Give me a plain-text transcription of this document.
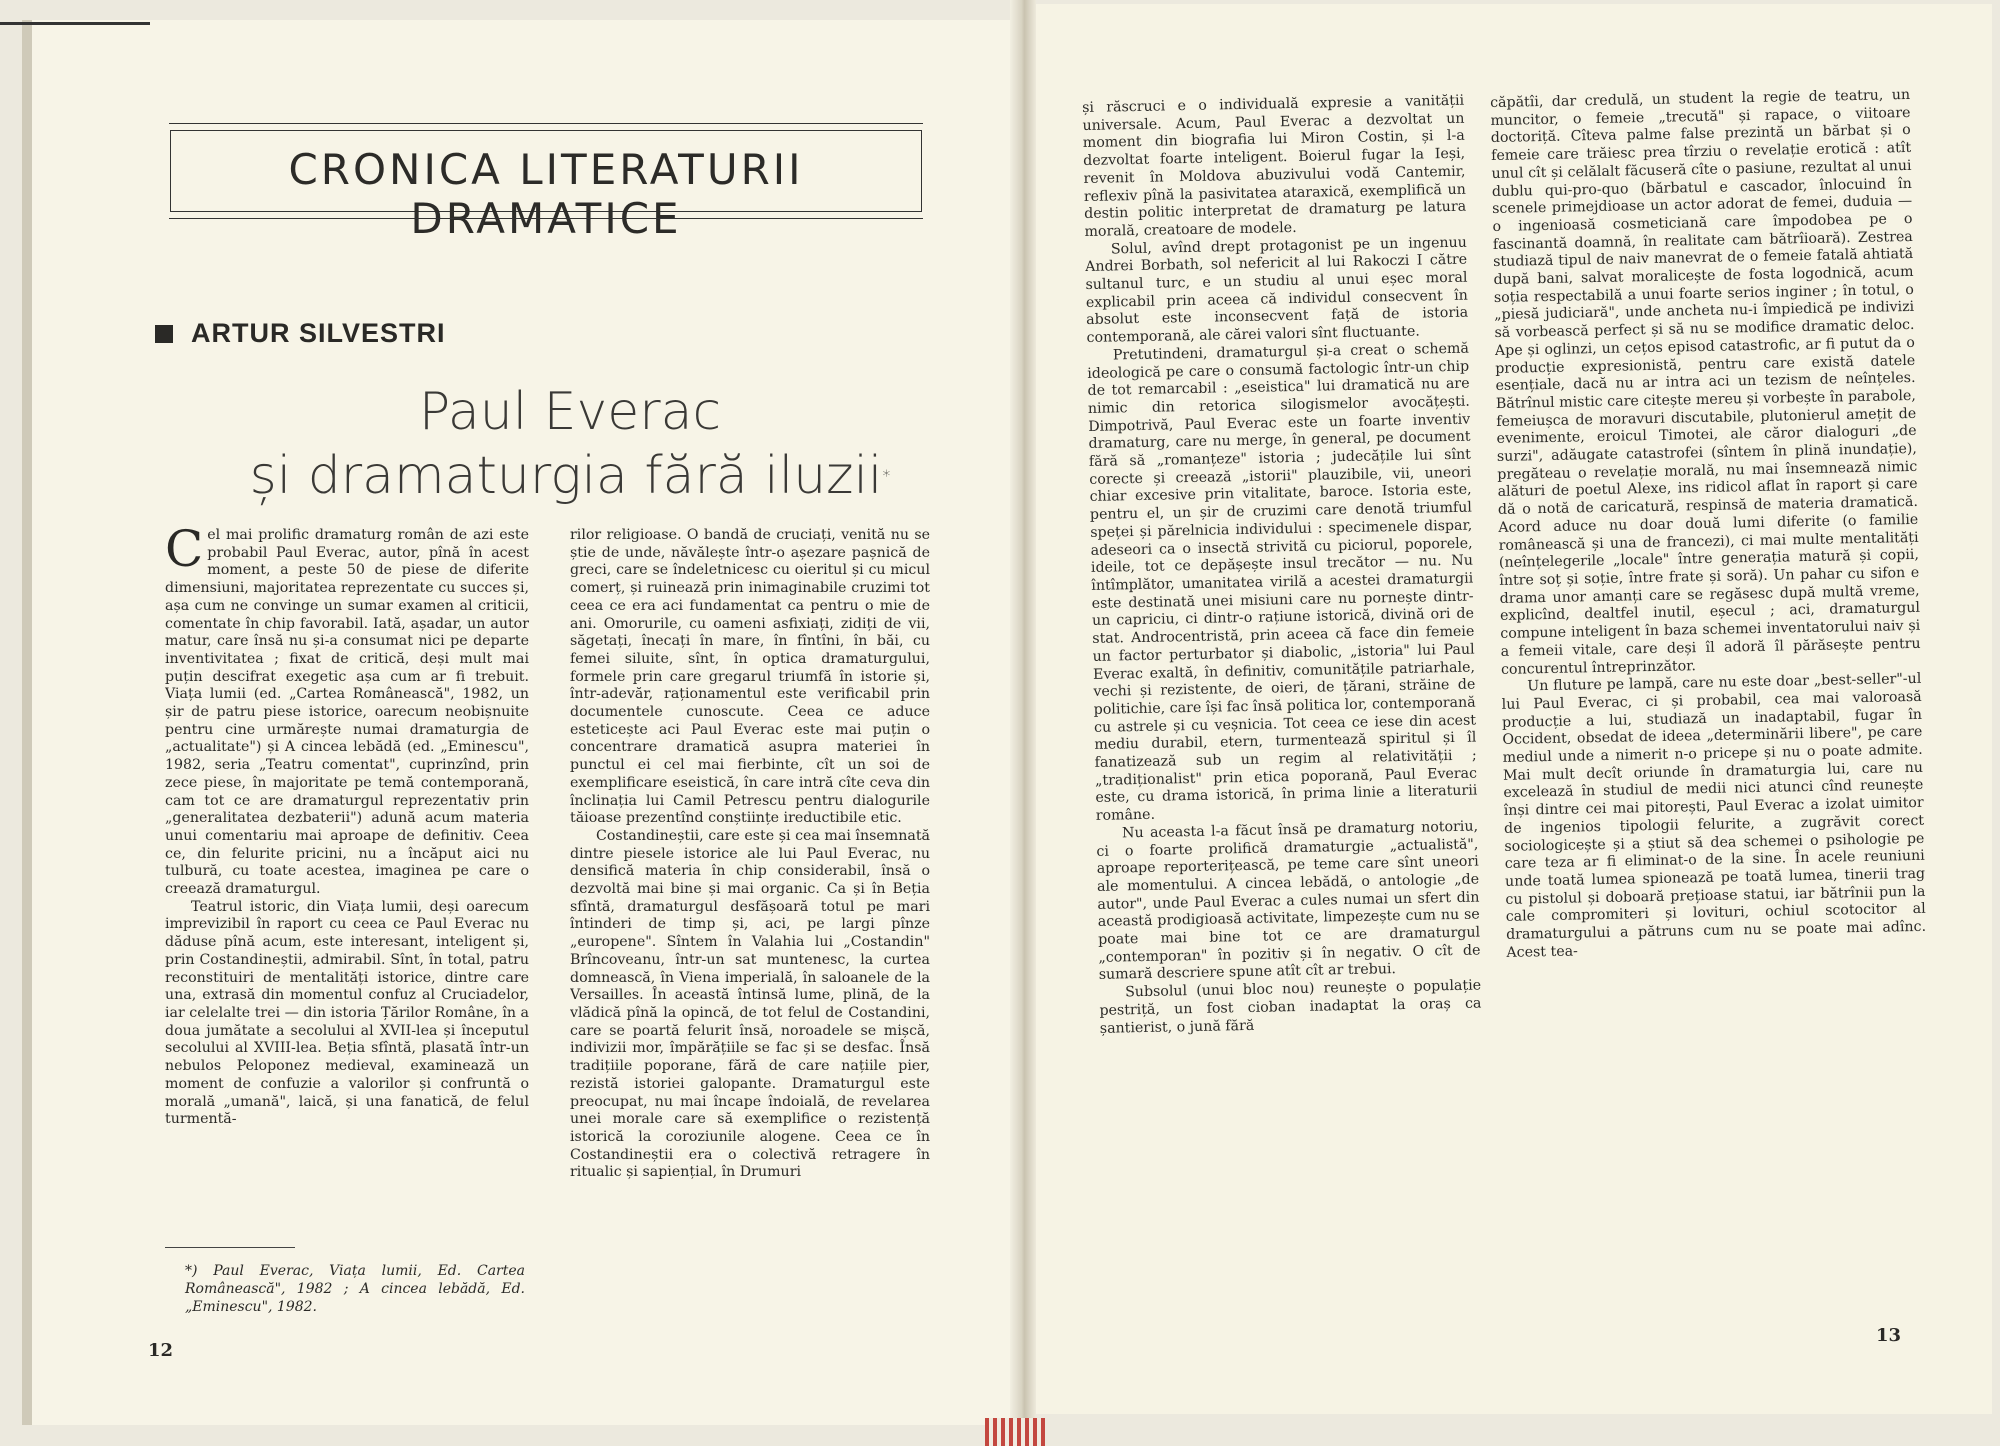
CRONICA LITERATURII DRAMATICE
ARTUR SILVESTRI
Paul Everac
și dramaturgia fără iluzii*

Cel mai prolific dramaturg român de azi este probabil Paul Everac, autor, pînă în acest moment, a peste 50 de piese de diferite dimensiuni, majoritatea reprezentate cu succes și, așa cum ne convinge un sumar examen al criticii, comentate în chip favorabil. Iată, așadar, un autor matur, care însă nu și-a consumat nici pe departe inventivitatea ; fixat de critică, deși mult mai puțin descifrat exegetic așa cum ar fi trebuit. Viața lumii (ed. „Cartea Românească", 1982, un șir de patru piese istorice, oarecum neobișnuite pentru cine urmărește numai dramaturgia de „actualitate") și A cincea lebădă (ed. „Eminescu", 1982, seria „Teatru comentat", cuprinzînd, prin zece piese, în majoritate pe temă contemporană, cam tot ce are dramaturgul reprezentativ prin „generalitatea dezbaterii") adună acum materia unui comentariu mai aproape de definitiv. Ceea ce, din felurite pricini, nu a încăput aici nu tulbură, cu toate acestea, imaginea pe care o creează dramaturgul.

Teatrul istoric, din Viața lumii, deși oarecum imprevizibil în raport cu ceea ce Paul Everac nu dăduse pînă acum, este interesant, inteligent și, prin Costandineștii, admirabil. Sînt, în total, patru reconstituiri de mentalități istorice, dintre care una, extrasă din momentul confuz al Cruciadelor, iar celelalte trei — din istoria Țărilor Române, în a doua jumătate a secolului al XVII-lea și începutul secolului al XVIII-lea. Beția sfîntă, plasată într-un nebulos Peloponez medieval, examinează un moment de confuzie a valorilor și confruntă o morală „umană", laică, și una fanatică, de felul turmentă-

rilor religioase. O bandă de cruciați, venită nu se știe de unde, năvălește într-o așezare pașnică de greci, care se îndeletnicesc cu oieritul și cu micul comerț, și ruinează prin inimaginabile cruzimi tot ceea ce era aci fundamentat ca pentru o mie de ani. Omorurile, cu oameni asfixiați, zidiți de vii, săgetați, înecați în mare, în fîntîni, în băi, cu femei siluite, sînt, în optica dramaturgului, formele prin care gregarul triumfă în istorie și, într-adevăr, raționamentul este verificabil prin documentele cunoscute. Ceea ce aduce esteticește aci Paul Everac este mai puțin o concentrare dramatică asupra materiei în punctul ei cel mai fierbinte, cît un soi de exemplificare eseistică, în care intră cîte ceva din înclinația lui Camil Petrescu pentru dialogurile tăioase prezentînd conștiințe ireductibile etic.

Costandineștii, care este și cea mai însemnată dintre piesele istorice ale lui Paul Everac, nu densifică materia în chip considerabil, însă o dezvoltă mai bine și mai organic. Ca și în Beția sfîntă, dramaturgul desfășoară totul pe mari întinderi de timp și, aci, pe largi pînze „europene". Sîntem în Valahia lui „Costandin" Brîncoveanu, într-un sat muntenesc, la curtea domnească, în Viena imperială, în saloanele de la Versailles. În această întinsă lume, plină, de la vlădică pînă la opincă, de tot felul de Costandini, care se poartă felurit însă, noroadele se mișcă, indivizii mor, împărățiile se fac și se desfac. Însă tradițiile poporane, fără de care națiile pier, rezistă istoriei galopante. Dramaturgul este preocupat, nu mai încape îndoială, de revelarea unei morale care să exemplifice o rezistență istorică la coroziunile alogene. Ceea ce în Costandineștii era o colectivă retragere în ritualic și sapiențial, în Drumuri

*) Paul Everac, Viața lumii, Ed. Cartea Românească", 1982 ; A cincea lebădă, Ed. „Eminescu", 1982.
12

și răscruci e o individuală expresie a vanității universale. Acum, Paul Everac a dezvoltat un moment din biografia lui Miron Costin, și l-a dezvoltat foarte inteligent. Boierul fugar la Ieși, revenit în Moldova abuzivului vodă Cantemir, reflexiv pînă la pasivitatea ataraxică, exemplifică un destin politic interpretat de dramaturg pe latura morală, creatoare de modele.

Solul, avînd drept protagonist pe un ingenuu Andrei Borbath, sol nefericit al lui Rakoczi I către sultanul turc, e un studiu al unui eșec moral explicabil prin aceea că individul consecvent în absolut este inconsecvent față de istoria contemporană, ale cărei valori sînt fluctuante.

Pretutindeni, dramaturgul și-a creat o schemă ideologică pe care o consumă factologic într-un chip de tot remarcabil : „eseistica" lui dramatică nu are nimic din retorica silogismelor avocățești. Dimpotrivă, Paul Everac este un foarte inventiv dramaturg, care nu merge, în general, pe document fără să „romanțeze" istoria ; judecățile lui sînt corecte și creează „istorii" plauzibile, vii, uneori chiar excesive prin vitalitate, baroce. Istoria este, pentru el, un șir de cruzimi care denotă triumful speței și părelnicia individului : specimenele dispar, adeseori ca o insectă strivită cu piciorul, poporele, ideile, tot ce depășește insul trecător — nu. Nu întîmplător, umanitatea virilă a acestei dramaturgii este destinată unei misiuni care nu pornește dintr-un capriciu, ci dintr-o rațiune istorică, divină ori de stat. Androcentristă, prin aceea că face din femeie un factor perturbator și diabolic, „istoria" lui Paul Everac exaltă, în definitiv, comunitățile patriarhale, vechi și rezistente, de oieri, de țărani, străine de politichie, care își fac însă politica lor, contemporană cu astrele și cu veșnicia. Tot ceea ce iese din acest mediu durabil, etern, turmentează spiritul și îl fanatizează sub un regim al relativității ; „tradiționalist" prin etica poporană, Paul Everac este, cu drama istorică, în prima linie a literaturii române.

Nu aceasta l-a făcut însă pe dramaturg notoriu, ci o foarte prolifică dramaturgie „actualistă", aproape reporterițească, pe teme care sînt uneori ale momentului. A cincea lebădă, o antologie „de autor", unde Paul Everac a cules numai un sfert din această prodigioasă activitate, limpezește cum nu se poate mai bine tot ce are dramaturgul „contemporan" în pozitiv și în negativ. O cît de sumară descriere spune atît cît ar trebui.

Subsolul (unui bloc nou) reunește o populație pestriță, un fost cioban inadaptat la oraș ca șantierist, o jună fără

căpătîi, dar credulă, un student la regie de teatru, un muncitor, o femeie „trecută" și rapace, o viitoare doctoriță. Cîteva palme false prezintă un bărbat și o femeie care trăiesc prea tîrziu o revelație erotică : atît unul cît și celălalt făcuseră cîte o pasiune, rezultat al unui dublu qui-pro-quo (bărbatul e cascador, înlocuind în scenele primejdioase un actor adorat de femei, duduia — o ingenioasă cosmeticiană care împodobea pe o fascinantă doamnă, în realitate cam bătrîioară). Zestrea studiază tipul de naiv manevrat de o femeie fatală ahtiată după bani, salvat moralicește de fosta logodnică, acum soția respectabilă a unui foarte serios inginer ; în totul, o „piesă judiciară", unde ancheta nu-i împiedică pe indivizi să vorbească perfect și să nu se modifice dramatic deloc. Ape și oglinzi, un cețos episod catastrofic, ar fi putut da o producție expresionistă, pentru care există datele esențiale, dacă nu ar intra aci un tezism de neînțeles. Bătrînul mistic care citește mereu și vorbește în parabole, femeiușca de moravuri discutabile, plutonierul amețit de evenimente, eroicul Timotei, ale căror dialoguri „de surzi", adăugate catastrofei (sîntem în plină inundație), pregăteau o revelație morală, nu mai însemnează nimic alături de poetul Alexe, ins ridicol aflat în raport și care dă o notă de caricatură, respinsă de materia dramatică. Acord aduce nu doar două lumi diferite (o familie românească și una de francezi), ci mai multe mentalități (neînțelegerile „locale" între generația matură și copii, între soț și soție, între frate și soră). Un pahar cu sifon e drama unor amanți care se regăsesc după multă vreme, explicînd, dealtfel inutil, eșecul ; aci, dramaturgul compune inteligent în baza schemei inventatorului naiv și a femeii vitale, care deși îl adoră îl părăsește pentru concurentul întreprinzător.

Un fluture pe lampă, care nu este doar „best-seller"-ul lui Paul Everac, ci și probabil, cea mai valoroasă producție a lui, studiază un inadaptabil, fugar în Occident, obsedat de ideea „determinării libere", pe care mediul unde a nimerit n-o pricepe și nu o poate admite. Mai mult decît oriunde în dramaturgia lui, care nu excelează în studiul de medii nici atunci cînd reunește înși dintre cei mai pitorești, Paul Everac a izolat uimitor de ingenios tipologii felurite, a zugrăvit corect sociologicește și a știut să dea schemei o psihologie pe care teza ar fi eliminat-o de la sine. În acele reuniuni unde toată lumea spionează pe toată lumea, tinerii trag cu pistolul și doboară prețioase statui, iar bătrînii pun la cale compromiteri și lovituri, ochiul scotocitor al dramaturgului a pătruns cum nu se poate mai adînc. Acest tea-

13
